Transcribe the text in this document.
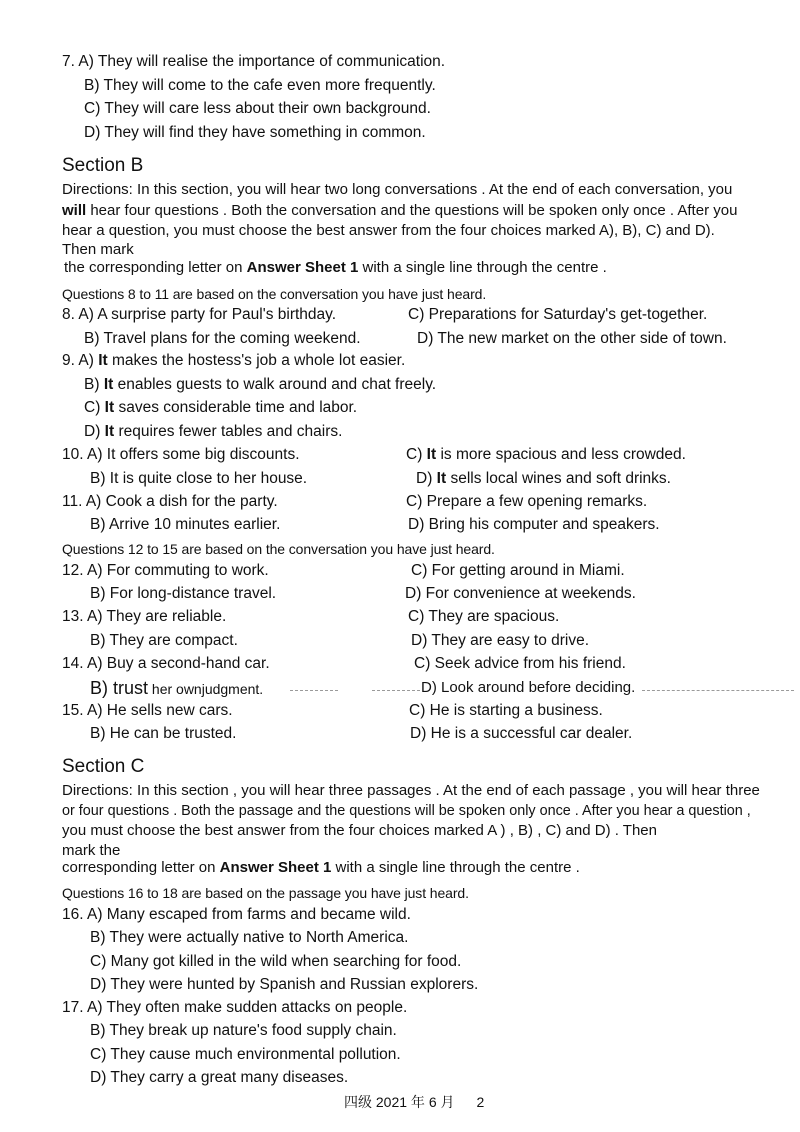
7. A) They will realise the importance of communication.
B) They will come to the cafe even more frequently.
C) They will care less about their own background.
D) They will find they have something in common.
Section B
Directions: In this section, you will hear two long conversations . At the end of each conversation, you
will hear four questions . Both the conversation and the questions will be spoken only once . After you
hear a question, you must choose the best answer from the four choices marked A), B), C) and D).
Then mark
the corresponding letter on Answer Sheet 1 with a single line through the centre .
Questions 8 to 11 are based on the conversation you have just heard.
8. A) A surprise party for Paul's birthday.	C) Preparations for Saturday's get-together.
B) Travel plans for the coming weekend.	D) The new market on the other side of town.
9. A) It makes the hostess's job a whole lot easier.
B) It enables guests to walk around and chat freely.
C) It saves considerable time and labor.
D) It requires fewer tables and chairs.
10. A) It offers some big discounts.	C) It is more spacious and less crowded.
B) It is quite close to her house.	D) It sells local wines and soft drinks.
11. A) Cook a dish for the party.	C) Prepare a few opening remarks.
B) Arrive 10 minutes earlier.	D) Bring his computer and speakers.
Questions 12 to 15 are based on the conversation you have just heard.
12. A) For commuting to work.	C) For getting around in Miami.
B) For long-distance travel.	D) For convenience at weekends.
13. A) They are reliable.	C) They are spacious.
B) They are compact.	D) They are easy to drive.
14. A) Buy a second-hand car.	C) Seek advice from his friend.
B) trust her ownjudgment.	D) Look around before deciding.
15. A) He sells new cars.	C) He is starting a business.
B) He can be trusted.	D) He is a successful car dealer.
Section C
Directions: In this section , you will hear three passages . At the end of each passage , you will hear three
or four questions . Both the passage and the questions will be spoken only once . After you hear a question ,
you must choose the best answer from the four choices marked A ) , B) , C) and D) . Then
mark the
corresponding letter on Answer Sheet 1 with a single line through the centre .
Questions 16 to 18 are based on the passage you have just heard.
16. A) Many escaped from farms and became wild.
B) They were actually native to North America.
C) Many got killed in the wild when searching for food.
D) They were hunted by Spanish and Russian explorers.
17. A) They often make sudden attacks on people.
B) They break up nature's food supply chain.
C) They cause much environmental pollution.
D) They carry a great many diseases.
四级 2021 年 6 月 2
